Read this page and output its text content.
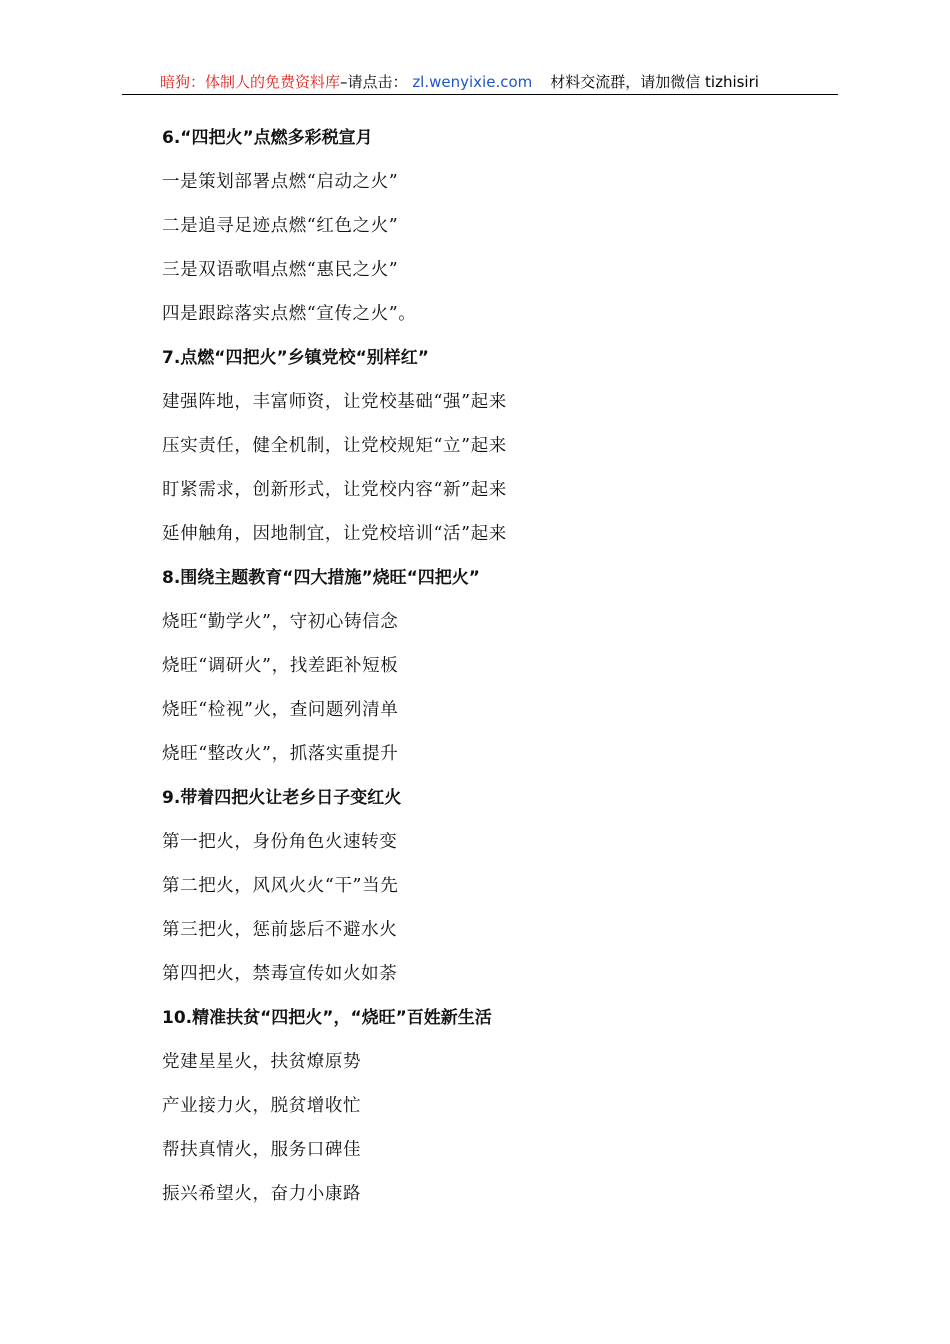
暗狗：体制人的免费资料库–请点击： zl.wenyixie.com 材料交流群，请加微信 tizhisiri
6.“四把火”点燃多彩税宣月
一是策划部署点燃“启动之火”
二是追寻足迹点燃“红色之火”
三是双语歌唱点燃“惠民之火”
四是跟踪落实点燃“宣传之火”。
7.点燃“四把火”乡镇党校“别样红”
建强阵地，丰富师资，让党校基础“强”起来
压实责任，健全机制，让党校规矩“立”起来
盯紧需求，创新形式，让党校内容“新”起来
延伸触角，因地制宜，让党校培训“活”起来
8.围绕主题教育“四大措施”烧旺“四把火”
烧旺“勤学火”，守初心铸信念
烧旺“调研火”，找差距补短板
烧旺“检视”火，查问题列清单
烧旺“整改火”，抓落实重提升
9.带着四把火让老乡日子变红火
第一把火，身份角色火速转变
第二把火，风风火火“干”当先
第三把火，惩前毖后不避水火
第四把火，禁毒宣传如火如荼
10.精准扶贫“四把火”，“烧旺”百姓新生活
党建星星火，扶贫燎原势
产业接力火，脱贫增收忙
帮扶真情火，服务口碑佳
振兴希望火，奋力小康路
